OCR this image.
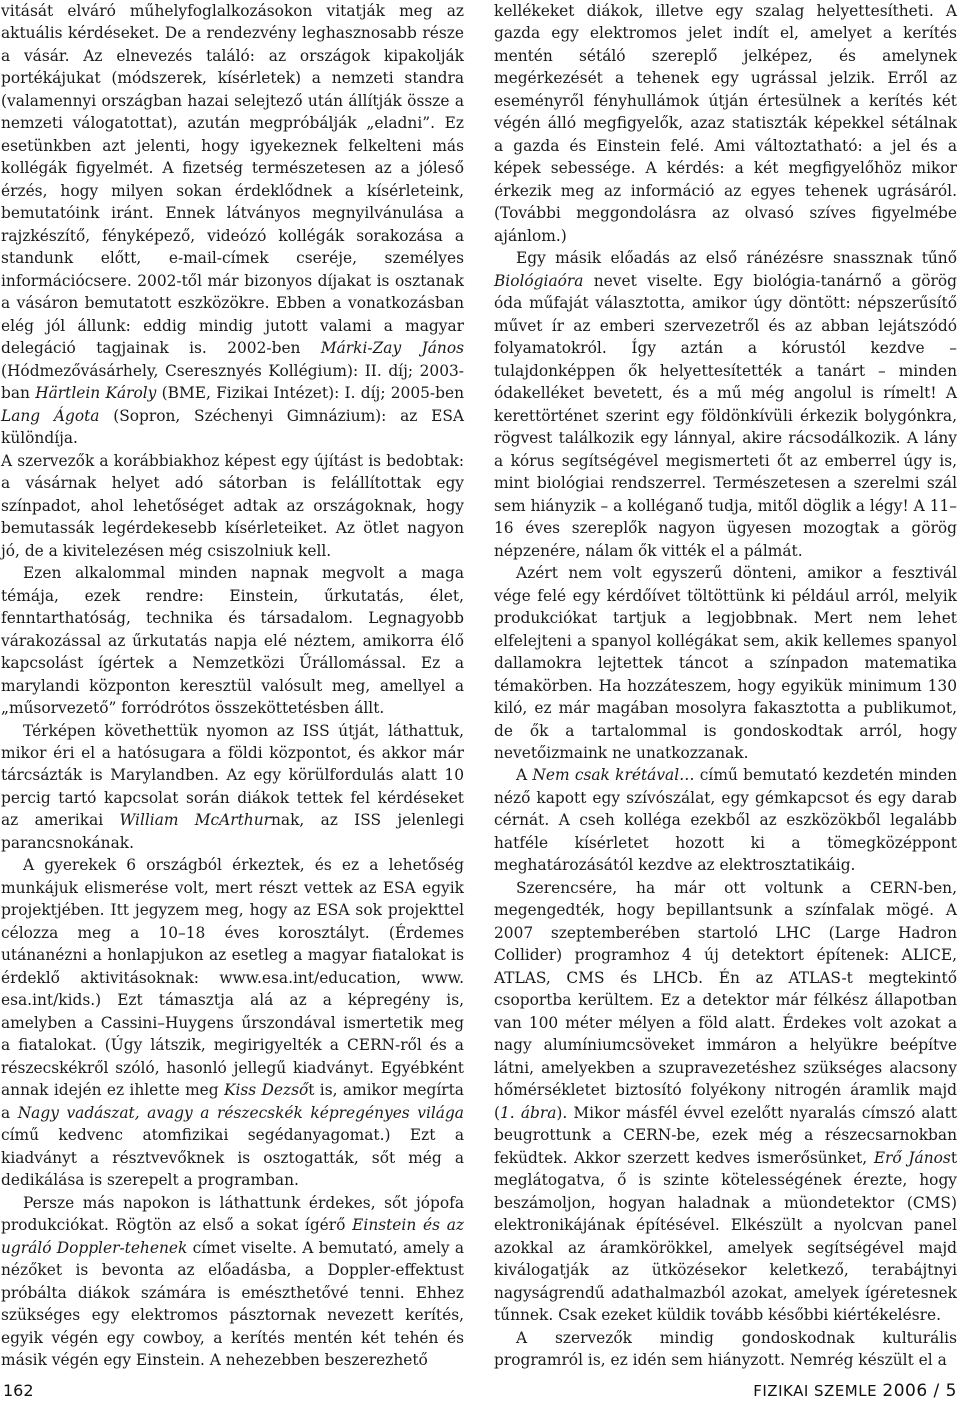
vitását elváró műhelyfoglalkozásokon vitatják meg az aktuális kérdéseket. De a rendezvény leghasznosabb része a vásár. Az elnevezés találó: az országok kipakolják portékájukat (módszerek, kísérletek) a nemzeti standra (valamennyi országban hazai selejtező után állítják össze a nemzeti válogatottat), azután megpróbálják „eladni”. Ez esetünkben azt jelenti, hogy igyekeznek felkelteni más kollégák figyelmét. A fizetség természetesen az a jóleső érzés, hogy milyen sokan érdeklődnek a kísérleteink, bemutatóink iránt. Ennek látványos megnyilvánulása a rajzkészítő, fényképező, videózó kollégák sorakozása a standunk előtt, e-mail-címek cseréje, személyes információcsere. 2002-től már bizonyos díjakat is osztanak a vásáron bemutatott eszközökre. Ebben a vonatkozásban elég jól állunk: eddig mindig jutott valami a magyar delegáció tagjainak is. 2002-ben Márki-Zay János (Hódmezővásárhely, Cseresznyés Kollégium): II. díj; 2003-ban Härtlein Károly (BME, Fizikai Intézet): I. díj; 2005-ben Lang Ágota (Sopron, Széchenyi Gimnázium): az ESA különdíja.

A szervezők a korábbiakhoz képest egy újítást is bedobtak: a vásárnak helyet adó sátorban is felállítottak egy színpadot, ahol lehetőséget adtak az országoknak, hogy bemutassák legérdekesebb kísérleteiket. Az ötlet nagyon jó, de a kivitelezésen még csiszolniuk kell.

Ezen alkalommal minden napnak megvolt a maga témája, ezek rendre: Einstein, űrkutatás, élet, fenntarthatóság, technika és társadalom. Legnagyobb várakozással az űrkutatás napja elé néztem, amikorra élő kapcsolást ígértek a Nemzetközi Űrállomással. Ez a marylandi központon keresztül valósult meg, amellyel a „műsorvezető” forródrótos összeköttetésben állt.

Térképen követhettük nyomon az ISS útját, láthattuk, mikor éri el a hatósugara a földi központot, és akkor már tárcsázták is Marylandben. Az egy körülfordulás alatt 10 percig tartó kapcsolat során diákok tettek fel kérdéseket az amerikai William McArthurnak, az ISS jelenlegi parancsnokának.

A gyerekek 6 országból érkeztek, és ez a lehetőség munkájuk elismerése volt, mert részt vettek az ESA egyik projektjében. Itt jegyzem meg, hogy az ESA sok projekttel célozza meg a 10–18 éves korosztályt. (Érdemes utánanézni a honlapjukon az esetleg a magyar fiatalokat is érdeklő aktivitásoknak: www.esa.int/education, www. esa.int/kids.) Ezt támasztja alá az a képregény is, amelyben a Cassini–Huygens űrszondával ismertetik meg a fiatalokat. (Úgy látszik, megirigyelték a CERN-ről és a részecskékről szóló, hasonló jellegű kiadványt. Egyébként annak idején ez ihlette meg Kiss Dezsőt is, amikor megírta a Nagy vadászat, avagy a részecskék képregényes világa című kedvenc atomfizikai segédanyagomat.) Ezt a kiadványt a résztvevőknek is osztogatták, sőt még a dedikálása is szerepelt a programban.

Persze más napokon is láthattunk érdekes, sőt jópofa produkciókat. Rögtön az első a sokat ígérő Einstein és az ugráló Doppler-tehenek címet viselte. A bemutató, amely a nézőket is bevonta az előadásba, a Doppler-effektust próbálta diákok számára is emészthetővé tenni. Ehhez szükséges egy elektromos pásztornak nevezett kerítés, egyik végén egy cowboy, a kerítés mentén két tehén és másik végén egy Einstein. A nehezebben beszerezhető

kellékeket diákok, illetve egy szalag helyettesítheti. A gazda egy elektromos jelet indít el, amelyet a kerítés mentén sétáló szereplő jelképez, és amelynek megérkezését a tehenek egy ugrással jelzik. Erről az eseményről fényhullámok útján értesülnek a kerítés két végén álló megfigyelők, azaz statiszták képekkel sétálnak a gazda és Einstein felé. Ami változtatható: a jel és a képek sebessége. A kérdés: a két megfigyelőhöz mikor érkezik meg az információ az egyes tehenek ugrásáról. (További meggondolásra az olvasó szíves figyelmébe ajánlom.)

Egy másik előadás az első ránézésre snassznak tűnő Biológiaóra nevet viselte. Egy biológia-tanárnő a görög óda műfaját választotta, amikor úgy döntött: népszerűsítő művet ír az emberi szervezetről és az abban lejátszódó folyamatokról. Így aztán a kórustól kezdve – tulajdonképpen ők helyettesítették a tanárt – minden ódakelléket bevetett, és a mű még angolul is rímelt! A kerettörténet szerint egy földönkívüli érkezik bolygónkra, rögvest találkozik egy lánnyal, akire rácsodálkozik. A lány a kórus segítségével megismerteti őt az emberrel úgy is, mint biológiai rendszerrel. Természetesen a szerelmi szál sem hiányzik – a kolléganő tudja, mitől döglik a légy! A 11–16 éves szereplők nagyon ügyesen mozogtak a görög népzenére, nálam ők vitték el a pálmát.

Azért nem volt egyszerű dönteni, amikor a fesztivál vége felé egy kérdőívet töltöttünk ki például arról, melyik produkciókat tartjuk a legjobbnak. Mert nem lehet elfelejteni a spanyol kollégákat sem, akik kellemes spanyol dallamokra lejtettek táncot a színpadon matematika témakörben. Ha hozzáteszem, hogy egyikük minimum 130 kiló, ez már magában mosolyra fakasztotta a publikumot, de ők a tartalommal is gondoskodtak arról, hogy nevetőizmaink ne unatkozzanak.

A Nem csak krétával… című bemutató kezdetén minden néző kapott egy szívószálat, egy gémkapcsot és egy darab cérnát. A cseh kolléga ezekből az eszközökből legalább hatféle kísérletet hozott ki a tömegközéppont meghatározásától kezdve az elektrosztatikáig.

Szerencsére, ha már ott voltunk a CERN-ben, megengedték, hogy bepillantsunk a színfalak mögé. A 2007 szeptemberében startoló LHC (Large Hadron Collider) programhoz 4 új detektort építenek: ALICE, ATLAS, CMS és LHCb. Én az ATLAS-t megtekintő csoportba kerültem. Ez a detektor már félkész állapotban van 100 méter mélyen a föld alatt. Érdekes volt azokat a nagy alumíniumcsöveket immáron a helyükre beépítve látni, amelyekben a szupravezetéshez szükséges alacsony hőmérsékletet biztosító folyékony nitrogén áramlik majd (1. ábra). Mikor másfél évvel ezelőtt nyaralás címszó alatt beugrottunk a CERN-be, ezek még a részecsarnokban feküdtek. Akkor szerzett kedves ismerősünket, Erő Jánost meglátogatva, ő is szinte kötelességének érezte, hogy beszámoljon, hogyan haladnak a müondetektor (CMS) elektronikájának építésével. Elkészült a nyolcvan panel azokkal az áramkörökkel, amelyek segítségével majd kiválogatják az ütközésekor keletkező, terabájtnyi nagyságrendű adathalmazból azokat, amelyek ígéretesnek tűnnek. Csak ezeket küldik tovább későbbi kiértékelésre.

A szervezők mindig gondoskodnak kulturális programról is, ez idén sem hiányzott. Nemrég készült el a

162	FIZIKAI SZEMLE 2006 / 5
